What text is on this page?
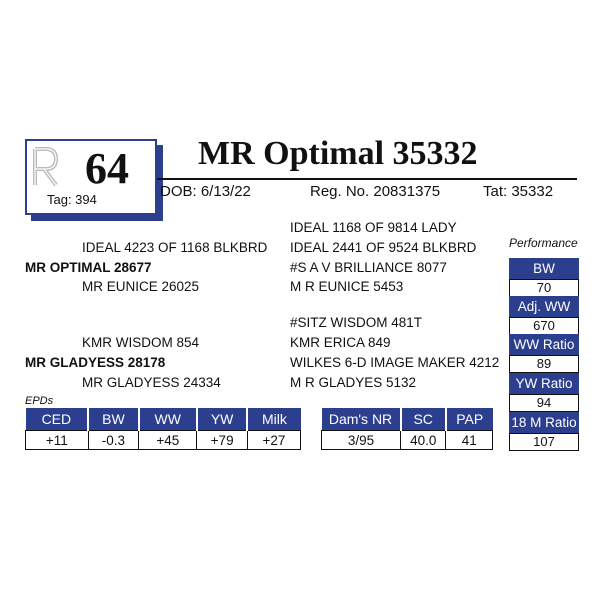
64
Tag: 394
MR Optimal 35332
DOB: 6/13/22	Reg. No. 20831375	Tat: 35332
IDEAL 1168 OF 9814 LADY
IDEAL 4223 OF 1168 BLKBRD IDEAL 2441 OF 9524 BLKBRD
MR OPTIMAL 28677	#S A V BRILLIANCE 8077
MR EUNICE 26025	M R EUNICE 5453
#SITZ WISDOM 481T
KMR WISDOM 854	KMR ERICA 849
MR GLADYESS 28178	WILKES 6-D IMAGE MAKER 4212
MR GLADYESS 24334	M R GLADYES 5132
Performance
BW
70
Adj. WW
670
WW Ratio
89
YW Ratio
94
18 M Ratio
107
EPDs
CED	BW	WW	YW	Milk
+11	-0.3	+45	+79	+27
Dam's NR	SC	PAP
3/95	40.0	41
